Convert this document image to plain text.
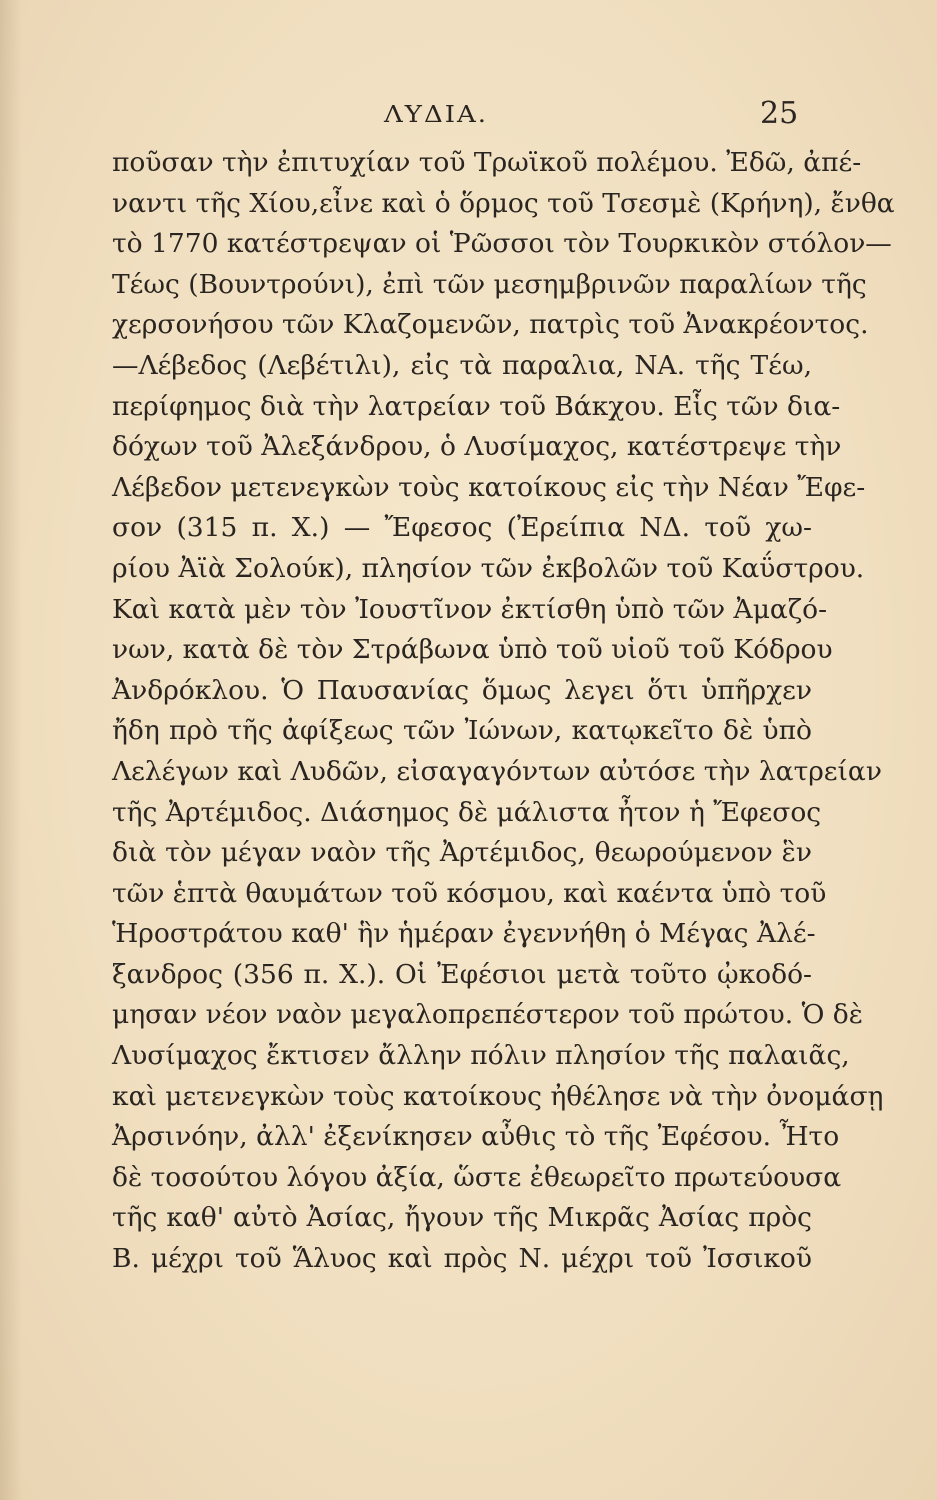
ΛΥΔΙΑ.	25
ποῦσαν τὴν ἐπιτυχίαν τοῦ Τρωϊκοῦ πολέμου. Ἐδῶ, ἀπέ-
ναντι τῆς Χίου,εἶνε καὶ ὁ ὅρμος τοῦ Τσεσμὲ (Κρήνη), ἔνθα
τὸ 1770 κατέστρεψαν οἱ Ῥῶσσοι τὸν Τουρκικὸν στόλον—
Τέως (Βουντρούνι), ἐπὶ τῶν μεσημβρινῶν παραλίων τῆς
χερσονήσου τῶν Κλαζομενῶν, πατρὶς τοῦ Ἀνακρέοντος.
—Λέβεδος (Λεβέτιλι), εἰς τὰ παραλια, ΝΑ. τῆς Τέω,
περίφημος διὰ τὴν λατρείαν τοῦ Βάκχου. Εἷς τῶν δια-
δόχων τοῦ Ἀλεξάνδρου, ὁ Λυσίμαχος, κατέστρεψε τὴν
Λέβεδον μετενεγκὼν τοὺς κατοίκους εἰς τὴν Νέαν Ἔφε-
σον (315 π. Χ.) — Ἔφεσος (Ἐρείπια ΝΔ. τοῦ χω-
ρίου Ἀϊὰ Σολούκ), πλησίον τῶν ἐκβολῶν τοῦ Καΰστρου.
Καὶ κατὰ μὲν τὸν Ἰουστῖνον ἐκτίσθη ὑπὸ τῶν Ἀμαζό-
νων, κατὰ δὲ τὸν Στράβωνα ὑπὸ τοῦ υἱοῦ τοῦ Κόδρου
Ἀνδρόκλου. Ὁ Παυσανίας ὅμως λεγει ὅτι ὑπῆρχεν
ἤδη πρὸ τῆς ἀφίξεως τῶν Ἰώνων, κατῳκεῖτο δὲ ὑπὸ
Λελέγων καὶ Λυδῶν, εἰσαγαγόντων αὐτόσε τὴν λατρείαν
τῆς Ἀρτέμιδος. Διάσημος δὲ μάλιστα ἦτον ἡ Ἔφεσος
διὰ τὸν μέγαν ναὸν τῆς Ἀρτέμιδος, θεωρούμενον ἓν
τῶν ἑπτὰ θαυμάτων τοῦ κόσμου, καὶ καέντα ὑπὸ τοῦ
Ἡροστράτου καθ' ἣν ἡμέραν ἐγεννήθη ὁ Μέγας Ἀλέ-
ξανδρος (356 π. Χ.). Οἱ Ἐφέσιοι μετὰ τοῦτο ᾠκοδό-
μησαν νέον ναὸν μεγαλοπρεπέστερον τοῦ πρώτου. Ὁ δὲ
Λυσίμαχος ἔκτισεν ἄλλην πόλιν πλησίον τῆς παλαιᾶς,
καὶ μετενεγκὼν τοὺς κατοίκους ἠθέλησε νὰ τὴν ὀνομάσῃ
Ἀρσινόην, ἀλλ' ἐξενίκησεν αὖθις τὸ τῆς Ἐφέσου. Ἦτο
δὲ τοσούτου λόγου ἀξία, ὥστε ἐθεωρεῖτο πρωτεύουσα
τῆς καθ' αὐτὸ Ἀσίας, ἤγουν τῆς Μικρᾶς Ἀσίας πρὸς
Β. μέχρι τοῦ Ἅλυος καὶ πρὸς Ν. μέχρι τοῦ Ἰσσικοῦ
